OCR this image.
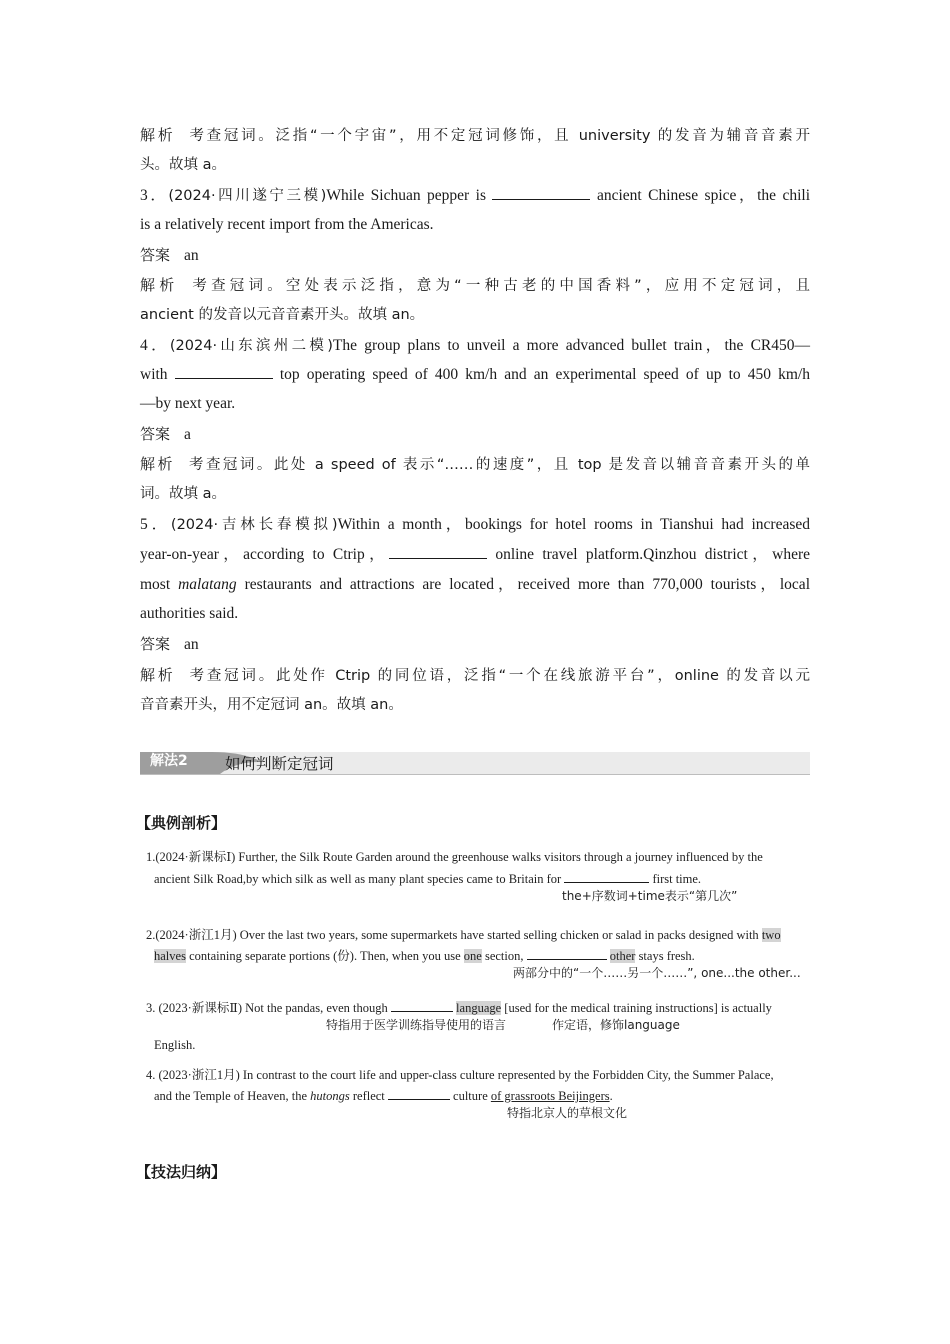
解析 考查冠词。泛指“一个宇宙”，用不定冠词修饰，且 university 的发音为辅音音素开
头。故填 a。
3．(2024·四川遂宁三模)While Sichuan pepper is	ancient Chinese spice，the chili
is a relatively recent import from the Americas.
答案 an
解析 考查冠词。空处表示泛指，意为“一种古老的中国香料”，应用不定冠词，且
ancient 的发音以元音音素开头。故填 an。
4．(2024·山东滨州二模)The group plans to unveil a more advanced bullet train，the CR450—
with	top operating speed of 400 km/h and an experimental speed of up to 450 km/h
—by next year.
答案 a
解析 考查冠词。此处 a speed of 表示“……的速度”，且 top 是发音以辅音音素开头的单
词。故填 a。
5．(2024·吉林长春模拟)Within a month，bookings for hotel rooms in Tianshui had increased
year-on-year，according to Ctrip，	online travel platform.Qinzhou district，where
most malatang restaurants and attractions are located，received more than 770,000 tourists，local
authorities said.
答案 an
解析 考查冠词。此处作 Ctrip 的同位语，泛指“一个在线旅游平台”，online 的发音以元
音音素开头，用不定冠词 an。故填 an。
解法2 如何判断定冠词
【典例剖析】
1.(2024·新课标Ⅰ) Further, the Silk Route Garden around the greenhouse walks visitors through a journey influenced by the
ancient Silk Road,by which silk as well as many plant species came to Britain for	first time.
the+序数词+time表示“第几次”
2.(2024·浙江1月) Over the last two years, some supermarkets have started selling chicken or salad in packs designed with two
halves containing separate portions (份). Then, when you use one section,	other stays fresh.
两部分中的“一个……另一个……”, one...the other...
3. (2023·新课标Ⅱ) Not the pandas, even though	language [used for the medical training instructions] is actually
特指用于医学训练指导使用的语言	作定语，修饰language
English.
4. (2023·浙江1月) In contrast to the court life and upper-class culture represented by the Forbidden City, the Summer Palace,
and the Temple of Heaven, the hutongs reflect	culture of grassroots Beijingers.
特指北京人的草根文化
【技法归纳】
